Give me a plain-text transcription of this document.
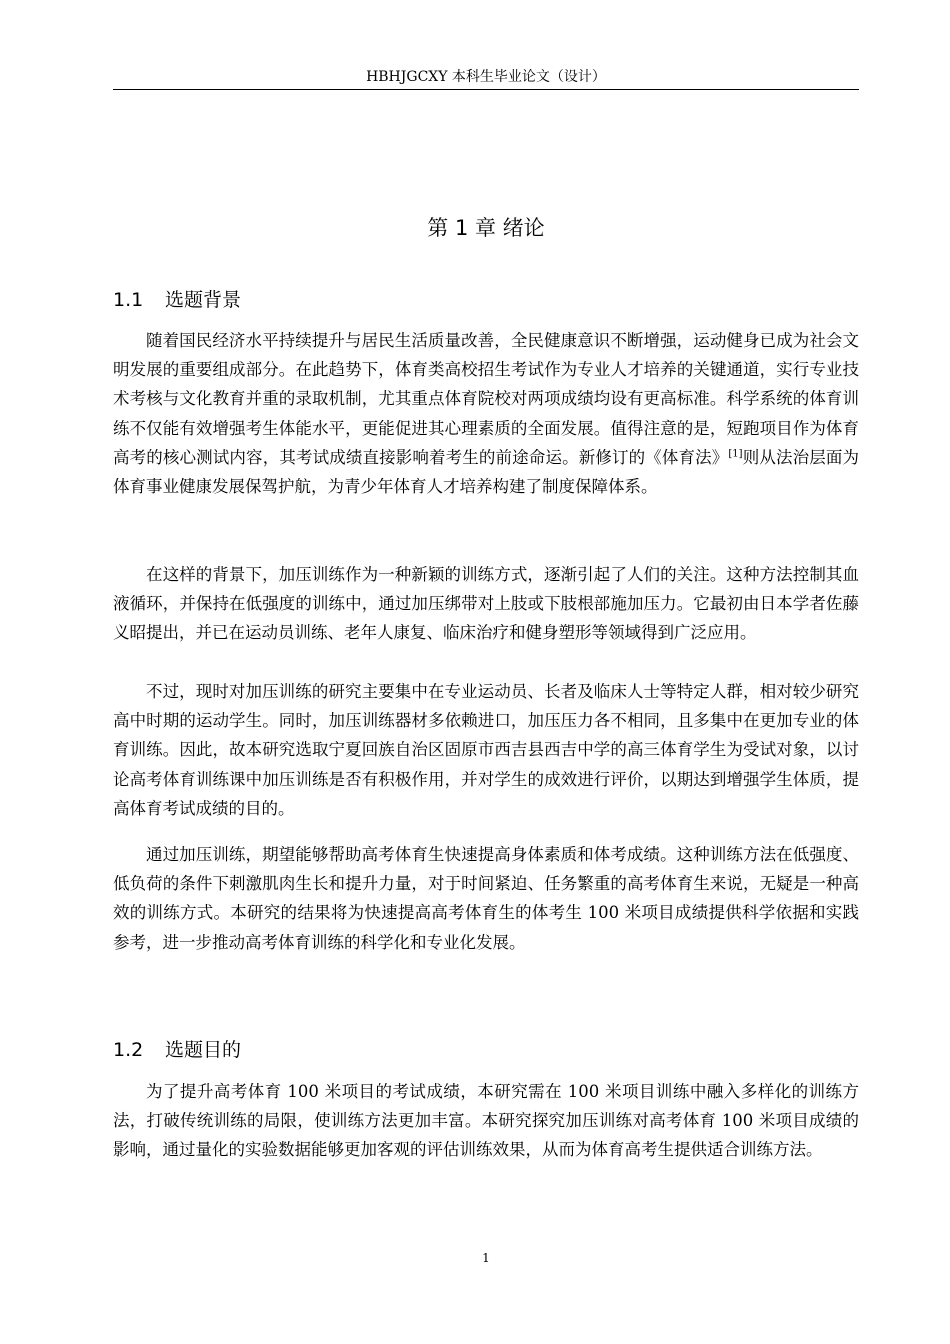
HBHJGCXY 本科生毕业论文（设计）
第 1 章 绪论
1.1 选题背景

随着国民经济水平持续提升与居民生活质量改善，全民健康意识不断增强，运动健身已成为社会文明发展的重要组成部分。在此趋势下，体育类高校招生考试作为专业人才培养的关键通道，实行专业技术考核与文化教育并重的录取机制，尤其重点体育院校对两项成绩均设有更高标准。科学系统的体育训练不仅能有效增强考生体能水平，更能促进其心理素质的全面发展。值得注意的是，短跑项目作为体育高考的核心测试内容，其考试成绩直接影响着考生的前途命运。新修订的《体育法》[1]则从法治层面为体育事业健康发展保驾护航，为青少年体育人才培养构建了制度保障体系。

在这样的背景下，加压训练作为一种新颖的训练方式，逐渐引起了人们的关注。这种方法控制其血液循环，并保持在低强度的训练中，通过加压绑带对上肢或下肢根部施加压力。它最初由日本学者佐藤义昭提出，并已在运动员训练、老年人康复、临床治疗和健身塑形等领域得到广泛应用。

不过，现时对加压训练的研究主要集中在专业运动员、长者及临床人士等特定人群，相对较少研究高中时期的运动学生。同时，加压训练器材多依赖进口，加压压力各不相同，且多集中在更加专业的体育训练。因此，故本研究选取宁夏回族自治区固原市西吉县西吉中学的高三体育学生为受试对象，以讨论高考体育训练课中加压训练是否有积极作用，并对学生的成效进行评价，以期达到增强学生体质，提高体育考试成绩的目的。

通过加压训练，期望能够帮助高考体育生快速提高身体素质和体考成绩。这种训练方法在低强度、低负荷的条件下刺激肌肉生长和提升力量，对于时间紧迫、任务繁重的高考体育生来说，无疑是一种高效的训练方式。本研究的结果将为快速提高高考体育生的体考生 100 米项目成绩提供科学依据和实践参考，进一步推动高考体育训练的科学化和专业化发展。

1.2 选题目的

为了提升高考体育 100 米项目的考试成绩，本研究需在 100 米项目训练中融入多样化的训练方法，打破传统训练的局限，使训练方法更加丰富。本研究探究加压训练对高考体育 100 米项目成绩的影响，通过量化的实验数据能够更加客观的评估训练效果，从而为体育高考生提供适合训练方法。

1
